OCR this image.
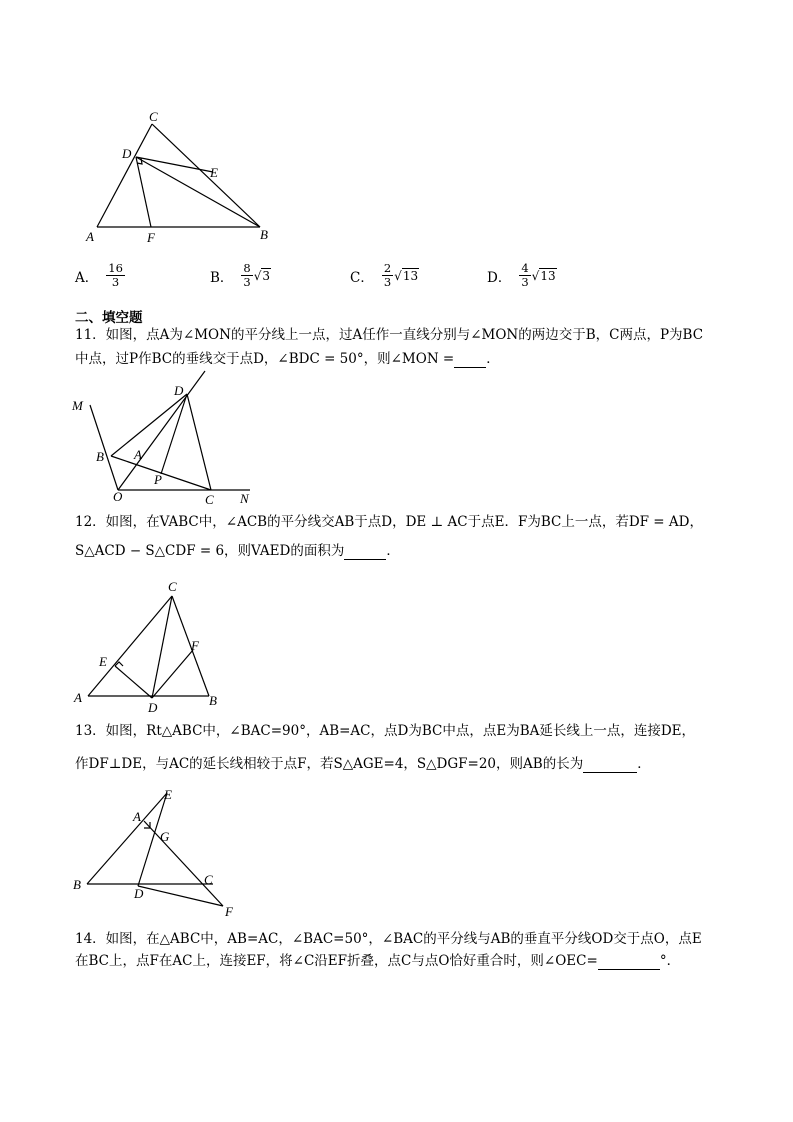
C
D
E
A	F	B
A． $\frac{16}{3}$	B． $\frac{8}{3} √3$	C． $\frac{2}{3} √13$	D． $\frac{4}{3} √13$
二、填空题
11．如图，点A为∠MON的平分线上一点，过A任作一直线分别与∠MON的两边交于B，C两点，P为BC
中点，过P作BC的垂线交于点D，∠BDC = 50°，则∠MON = ．
M
D
B A
P
O	C N
12．如图，在VABC中，∠ACB的平分线交AB于点D，DE ⊥ AC于点E．F为BC上一点，若DF = AD，
S△ACD − S△CDF = 6，则VAED的面积为	．
C
E
F
A
D	B
13．如图，Rt△ABC中，∠BAC=90°，AB=AC，点D为BC中点，点E为BA延长线上一点，连接DE，
作DF⊥DE，与AC的延长线相较于点F，若S△AGE=4，S△DGF=20，则AB的长为	．
E
A
G
B
D
C
F
14．如图，在△ABC中，AB=AC，∠BAC=50°，∠BAC的平分线与AB的垂直平分线OD交于点O，点E
在BC上，点F在AC上，连接EF，将∠C沿EF折叠，点C与点O恰好重合时，则∠OEC=	°．
